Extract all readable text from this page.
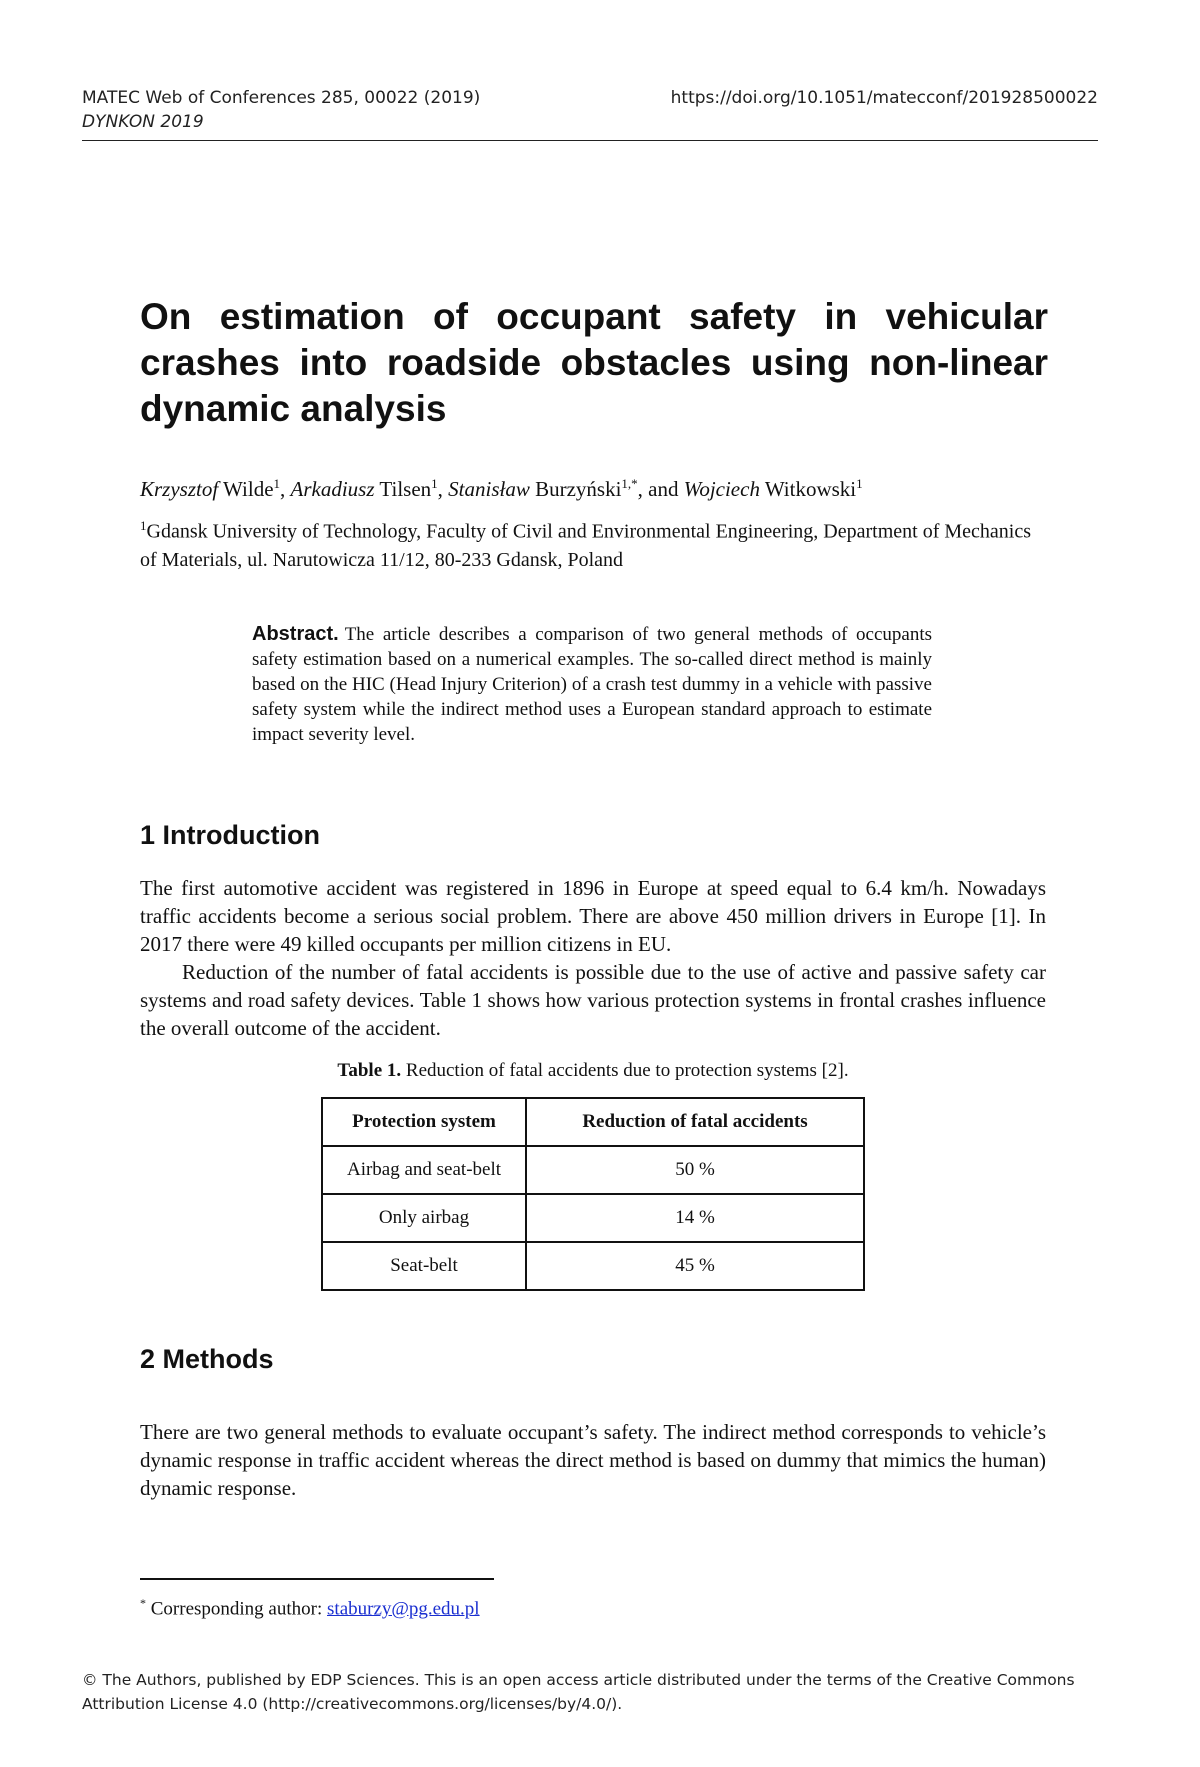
MATEC Web of Conferences 285, 00022 (2019)
DYNKON 2019
https://doi.org/10.1051/matecconf/201928500022
On estimation of occupant safety in vehicular crashes into roadside obstacles using non-linear dynamic analysis
Krzysztof Wilde$^1$, Arkadiusz Tilsen$^1$, Stanisław Burzyński$^{1,*}$, and Wojciech Witkowski$^1$
$^1$Gdansk University of Technology, Faculty of Civil and Environmental Engineering, Department of Mechanics of Materials, ul. Narutowicza 11/12, 80-233 Gdansk, Poland
Abstract. The article describes a comparison of two general methods of occupants safety estimation based on a numerical examples. The so-called direct method is mainly based on the HIC (Head Injury Criterion) of a crash test dummy in a vehicle with passive safety system while the indirect method uses a European standard approach to estimate impact severity level.
1 Introduction
The first automotive accident was registered in 1896 in Europe at speed equal to 6.4 km/h. Nowadays traffic accidents become a serious social problem. There are above 450 million drivers in Europe [1]. In 2017 there were 49 killed occupants per million citizens in EU.
Reduction of the number of fatal accidents is possible due to the use of active and passive safety car systems and road safety devices. Table 1 shows how various protection systems in frontal crashes influence the overall outcome of the accident.
Table 1. Reduction of fatal accidents due to protection systems [2].
Protection system	Reduction of fatal accidents
Airbag and seat-belt	50 %
Only airbag	14 %
Seat-belt	45 %
2 Methods
There are two general methods to evaluate occupant’s safety. The indirect method corresponds to vehicle’s dynamic response in traffic accident whereas the direct method is based on dummy that mimics the human) dynamic response.
* Corresponding author: staburzy@pg.edu.pl
© The Authors, published by EDP Sciences. This is an open access article distributed under the terms of the Creative Commons Attribution License 4.0 (http://creativecommons.org/licenses/by/4.0/).
